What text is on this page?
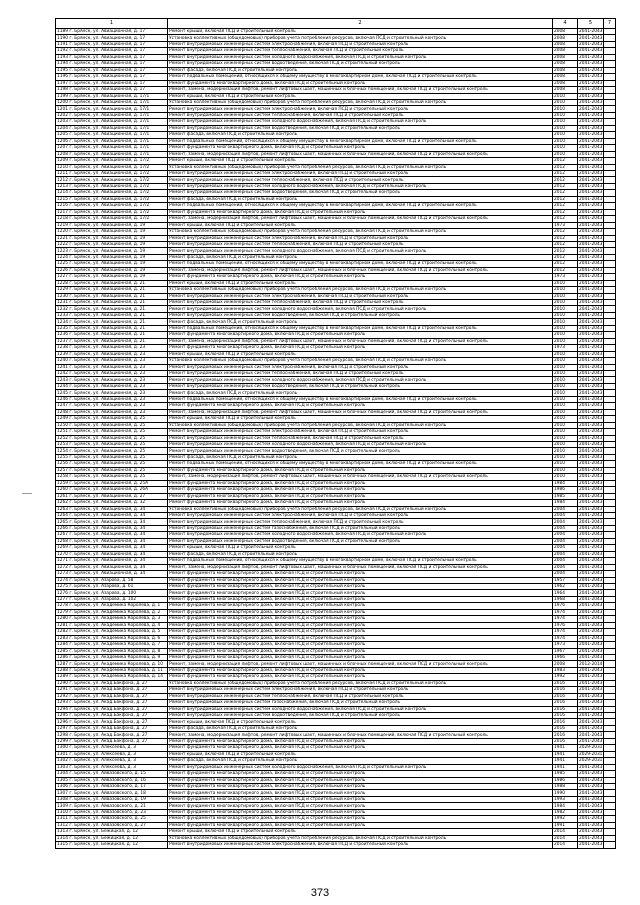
1	2	4	5	7
1189 г. Брянск, ул. Авиационная, д. 17	Ремонт крыши, включая ПСД и строительный контроль	2008	2041-2043	
1190 г. Брянск, ул. Авиационная, д. 17	Установка коллективных (общедомовых) приборов учета потребления ресурсов, включая ПСД и строительный контроль	2008	2041-2043	
1191 г. Брянск, ул. Авиационная, д. 17	Ремонт внутридомовых инженерных систем электроснабжения, включая ПСД и строительный контроль	2008	2041-2043	
1192 г. Брянск, ул. Авиационная, д. 17	Ремонт внутридомовых инженерных систем теплоснабжения, включая ПСД и строительный контроль	2008	2041-2043	
1193 г. Брянск, ул. Авиационная, д. 17	Ремонт внутридомовых инженерных систем холодного водоснабжения, включая ПСД и строительный контроль	2008	2041-2043	
1194 г. Брянск, ул. Авиационная, д. 17	Ремонт внутридомовых инженерных систем водоотведения, включая ПСД и строительный контроль	2008	2041-2043	
1195 г. Брянск, ул. Авиационная, д. 17	Ремонт фасада, включая ПСД и строительный контроль	2008	2041-2043	
1196 г. Брянск, ул. Авиационная, д. 17	Ремонт подвальных помещений, относящихся к общему имуществу в многоквартирном доме, включая ПСД и строительный контроль	2008	2041-2043	
1197 г. Брянск, ул. Авиационная, д. 17	Ремонт фундамента многоквартирного дома, включая ПСД и строительный контроль	2008	2041-2043	
1198 г. Брянск, ул. Авиационная, д. 17	Ремонт, замена, модернизация лифтов, ремонт лифтовых шахт, машинных и блочных помещений, включая ПСД и строительный контроль	2008	2041-2043	
1199 г. Брянск, ул. Авиационная, д. 17/1	Ремонт крыши, включая ПСД и строительный контроль	2010	2041-2043	
1200 г. Брянск, ул. Авиационная, д. 17/1	Установка коллективных (общедомовых) приборов учета потребления ресурсов, включая ПСД и строительный контроль	2010	2041-2043	
1201 г. Брянск, ул. Авиационная, д. 17/1	Ремонт внутридомовых инженерных систем электроснабжения, включая ПСД и строительный контроль	2010	2041-2043	
1202 г. Брянск, ул. Авиационная, д. 17/1	Ремонт внутридомовых инженерных систем теплоснабжения, включая ПСД и строительный контроль	2010	2041-2043	
1203 г. Брянск, ул. Авиационная, д. 17/1	Ремонт внутридомовых инженерных систем холодного водоснабжения, включая ПСД и строительный контроль	2010	2041-2043	
1204 г. Брянск, ул. Авиационная, д. 17/1	Ремонт внутридомовых инженерных систем водоотведения, включая ПСД и строительный контроль	2010	2041-2043	
1205 г. Брянск, ул. Авиационная, д. 17/1	Ремонт фасада, включая ПСД и строительный контроль	2010	2041-2043	
1206 г. Брянск, ул. Авиационная, д. 17/1	Ремонт подвальных помещений, относящихся к общему имуществу в многоквартирном доме, включая ПСД и строительный контроль	2010	2041-2043	
1207 г. Брянск, ул. Авиационная, д. 17/1	Ремонт фундамента многоквартирного дома, включая ПСД и строительный контроль	2010	2041-2043	
1208 г. Брянск, ул. Авиационная, д. 17/1	Ремонт, замена, модернизация лифтов, ремонт лифтовых шахт, машинных и блочных помещений, включая ПСД и строительный контроль	2010	2041-2043	
1209 г. Брянск, ул. Авиационная, д. 17/2	Ремонт крыши, включая ПСД и строительный контроль	2012	2041-2043	
1210 г. Брянск, ул. Авиационная, д. 17/2	Установка коллективных (общедомовых) приборов учета потребления ресурсов, включая ПСД и строительный контроль	2012	2041-2043	
1211 г. Брянск, ул. Авиационная, д. 17/2	Ремонт внутридомовых инженерных систем электроснабжения, включая ПСД и строительный контроль	2012	2041-2043	
1212 г. Брянск, ул. Авиационная, д. 17/2	Ремонт внутридомовых инженерных систем теплоснабжения, включая ПСД и строительный контроль	2012	2041-2043	
1213 г. Брянск, ул. Авиационная, д. 17/2	Ремонт внутридомовых инженерных систем холодного водоснабжения, включая ПСД и строительный контроль	2012	2041-2043	
1214 г. Брянск, ул. Авиационная, д. 17/2	Ремонт внутридомовых инженерных систем водоотведения, включая ПСД и строительный контроль	2012	2041-2043	
1215 г. Брянск, ул. Авиационная, д. 17/2	Ремонт фасада, включая ПСД и строительный контроль	2012	2041-2043	
1216 г. Брянск, ул. Авиационная, д. 17/2	Ремонт подвальных помещений, относящихся к общему имуществу в многоквартирном доме, включая ПСД и строительный контроль	2012	2041-2043	
1217 г. Брянск, ул. Авиационная, д. 17/2	Ремонт фундамента многоквартирного дома, включая ПСД и строительный контроль	2012	2041-2043	
1218 г. Брянск, ул. Авиационная, д. 17/2	Ремонт, замена, модернизация лифтов, ремонт лифтовых шахт, машинных и блочных помещений, включая ПСД и строительный контроль	2012	2041-2043	
1219 г. Брянск, ул. Авиационная, д. 19	Ремонт крыши, включая ПСД и строительный контроль	1973	2041-2043	
1220 г. Брянск, ул. Авиационная, д. 19	Установка коллективных (общедомовых) приборов учета потребления ресурсов, включая ПСД и строительный контроль	2012	2041-2043	
1221 г. Брянск, ул. Авиационная, д. 19	Ремонт внутридомовых инженерных систем электроснабжения, включая ПСД и строительный контроль	2012	2041-2043	
1222 г. Брянск, ул. Авиационная, д. 19	Ремонт внутридомовых инженерных систем теплоснабжения, включая ПСД и строительный контроль	2012	2041-2043	
1223 г. Брянск, ул. Авиационная, д. 19	Ремонт внутридомовых инженерных систем холодного водоснабжения, включая ПСД и строительный контроль	2012	2041-2043	
1224 г. Брянск, ул. Авиационная, д. 19	Ремонт фасада, включая ПСД и строительный контроль	2012	2041-2043	
1225 г. Брянск, ул. Авиационная, д. 19	Ремонт подвальных помещений, относящихся к общему имуществу в многоквартирном доме, включая ПСД и строительный контроль	2012	2041-2043	
1226 г. Брянск, ул. Авиационная, д. 19	Ремонт, замена, модернизация лифтов, ремонт лифтовых шахт, машинных и блочных помещений, включая ПСД и строительный контроль	2012	2041-2043	
1227 г. Брянск, ул. Авиационная, д. 19	Ремонт фундамента многоквартирного дома, включая ПСД и строительный контроль	1973	2041-2043	
1228 г. Брянск, ул. Авиационная, д. 21	Ремонт крыши, включая ПСД и строительный контроль	2010	2041-2043	
1229 г. Брянск, ул. Авиационная, д. 21	Установка коллективных (общедомовых) приборов учета потребления ресурсов, включая ПСД и строительный контроль	2010	2041-2043	
1230 г. Брянск, ул. Авиационная, д. 21	Ремонт внутридомовых инженерных систем электроснабжения, включая ПСД и строительный контроль	2010	2041-2043	
1231 г. Брянск, ул. Авиационная, д. 21	Ремонт внутридомовых инженерных систем теплоснабжения, включая ПСД и строительный контроль	2010	2041-2043	
1232 г. Брянск, ул. Авиационная, д. 21	Ремонт внутридомовых инженерных систем холодного водоснабжения, включая ПСД и строительный контроль	2010	2041-2043	
1233 г. Брянск, ул. Авиационная, д. 21	Ремонт внутридомовых инженерных систем водоотведения, включая ПСД и строительный контроль	2010	2041-2043	
1234 г. Брянск, ул. Авиационная, д. 21	Ремонт фасада, включая ПСД и строительный контроль	2010	2041-2043	
1235 г. Брянск, ул. Авиационная, д. 21	Ремонт подвальных помещений, относящихся к общему имуществу в многоквартирном доме, включая ПСД и строительный контроль	2010	2041-2043	
1236 г. Брянск, ул. Авиационная, д. 21	Ремонт фундамента многоквартирного дома, включая ПСД и строительный контроль	2010	2041-2043	
1237 г. Брянск, ул. Авиационная, д. 21	Ремонт, замена, модернизация лифтов, ремонт лифтовых шахт, машинных и блочных помещений, включая ПСД и строительный контроль	2010	2041-2043	
1238 г. Брянск, ул. Авиационная, д. 23	Ремонт фундамента многоквартирного дома, включая ПСД и строительный контроль	1973	2041-2043	
1239 г. Брянск, ул. Авиационная, д. 23	Ремонт крыши, включая ПСД и строительный контроль	2010	2041-2043	
1240 г. Брянск, ул. Авиационная, д. 23	Установка коллективных (общедомовых) приборов учета потребления ресурсов, включая ПСД и строительный контроль	2010	2041-2043	
1241 г. Брянск, ул. Авиационная, д. 23	Ремонт внутридомовых инженерных систем электроснабжения, включая ПСД и строительный контроль	2010	2041-2043	
1242 г. Брянск, ул. Авиационная, д. 23	Ремонт внутридомовых инженерных систем теплоснабжения, включая ПСД и строительный контроль	2010	2041-2043	
1243 г. Брянск, ул. Авиационная, д. 23	Ремонт внутридомовых инженерных систем холодного водоснабжения, включая ПСД и строительный контроль	2010	2041-2043	
1244 г. Брянск, ул. Авиационная, д. 23	Ремонт внутридомовых инженерных систем водоотведения, включая ПСД и строительный контроль	2010	2041-2043	
1245 г. Брянск, ул. Авиационная, д. 23	Ремонт фасада, включая ПСД и строительный контроль	2010	2041-2043	
1246 г. Брянск, ул. Авиационная, д. 23	Ремонт подвальных помещений, относящихся к общему имуществу в многоквартирном доме, включая ПСД и строительный контроль	2010	2041-2043	
1247 г. Брянск, ул. Авиационная, д. 23	Ремонт фундамента многоквартирного дома, включая ПСД и строительный контроль	2010	2041-2043	
1248 г. Брянск, ул. Авиационная, д. 23	Ремонт, замена, модернизация лифтов, ремонт лифтовых шахт, машинных и блочных помещений, включая ПСД и строительный контроль	2010	2041-2043	
1249 г. Брянск, ул. Авиационная, д. 25	Ремонт крыши, включая ПСД и строительный контроль	2010	2041-2043	
1250 г. Брянск, ул. Авиационная, д. 25	Установка коллективных (общедомовых) приборов учета потребления ресурсов, включая ПСД и строительный контроль	2010	2041-2043	
1251 г. Брянск, ул. Авиационная, д. 25	Ремонт внутридомовых инженерных систем электроснабжения, включая ПСД и строительный контроль	2010	2041-2043	
1252 г. Брянск, ул. Авиационная, д. 25	Ремонт внутридомовых инженерных систем теплоснабжения, включая ПСД и строительный контроль	2010	2041-2043	
1253 г. Брянск, ул. Авиационная, д. 25	Ремонт внутридомовых инженерных систем холодного водоснабжения, включая ПСД и строительный контроль	2010	2041-2043	
1254 г. Брянск, ул. Авиационная, д. 25	Ремонт внутридомовых инженерных систем водоотведения, включая ПСД и строительный контроль	2010	2041-2043	
1255 г. Брянск, ул. Авиационная, д. 25	Ремонт фасада, включая ПСД и строительный контроль	2010	2041-2043	
1256 г. Брянск, ул. Авиационная, д. 25	Ремонт подвальных помещений, относящихся к общему имуществу в многоквартирном доме, включая ПСД и строительный контроль	2010	2041-2043	
1257 г. Брянск, ул. Авиационная, д. 25	Ремонт фундамента многоквартирного дома, включая ПСД и строительный контроль	2010	2041-2043	
1258 г. Брянск, ул. Авиационная, д. 25	Ремонт, замена, модернизация лифтов, ремонт лифтовых шахт, машинных и блочных помещений, включая ПСД и строительный контроль	2010	2041-2043	
1259 г. Брянск, ул. Авиационная, д. 25А	Ремонт фундамента многоквартирного дома, включая ПСД и строительный контроль	1984	2041-2043	
1260 г. Брянск, ул. Авиационная, д. 26А	Ремонт фундамента многоквартирного дома, включая ПСД и строительный контроль	1986	2041-2043	
1261 г. Брянск, ул. Авиационная, д. 27	Ремонт фундамента многоквартирного дома, включая ПСД и строительный контроль	1985	2041-2043	
1262 г. Брянск, ул. Авиационная, д. 32	Ремонт фундамента многоквартирного дома, включая ПСД и строительный контроль	1984	2041-2043	
1263 г. Брянск, ул. Авиационная, д. 34	Установка коллективных (общедомовых) приборов учета потребления ресурсов, включая ПСД и строительный контроль	2004	2041-2043	
1264 г. Брянск, ул. Авиационная, д. 34	Ремонт внутридомовых инженерных систем электроснабжения, включая ПСД и строительный контроль	2004	2041-2043	
1265 г. Брянск, ул. Авиационная, д. 34	Ремонт внутридомовых инженерных систем теплоснабжения, включая ПСД и строительный контроль	2004	2041-2043	
1266 г. Брянск, ул. Авиационная, д. 34	Ремонт внутридомовых инженерных систем газоснабжения, включая ПСД и строительный контроль	2004	2041-2043	
1267 г. Брянск, ул. Авиационная, д. 34	Ремонт внутридомовых инженерных систем холодного водоснабжения, включая ПСД и строительный контроль	2004	2041-2043	
1268 г. Брянск, ул. Авиационная, д. 34	Ремонт внутридомовых инженерных систем водоотведения, включая ПСД и строительный контроль	2004	2041-2043	
1269 г. Брянск, ул. Авиационная, д. 34	Ремонт крыши, включая ПСД и строительный контроль	2004	2041-2043	
1270 г. Брянск, ул. Авиационная, д. 34	Ремонт фасада, включая ПСД и строительный контроль	2004	2041-2043	
1271 г. Брянск, ул. Авиационная, д. 34	Ремонт подвальных помещений, относящихся к общему имуществу в многоквартирном доме, включая ПСД и строительный контроль	2004	2041-2043	
1272 г. Брянск, ул. Авиационная, д. 34	Ремонт, замена, модернизация лифтов, ремонт лифтовых шахт, машинных и блочных помещений, включая ПСД и строительный контроль	2004	2041-2043	
1273 г. Брянск, ул. Авиационная, д. 34	Ремонт фундамента многоквартирного дома, включая ПСД и строительный контроль	2004	2041-2043	
1274 г. Брянск, ул. Азарова, д. 58	Ремонт фундамента многоквартирного дома, включая ПСД и строительный контроль	1957	2041-2043	
1275 г. Брянск, ул. Азарова, д. 61	Ремонт фундамента многоквартирного дома, включая ПСД и строительный контроль	1962	2041-2043	
1276 г. Брянск, ул. Азарова, д. 100	Ремонт фундамента многоквартирного дома, включая ПСД и строительный контроль	1964	2041-2043	
1277 г. Брянск, ул. Азарова, д. 102	Ремонт фундамента многоквартирного дома, включая ПСД и строительный контроль	1968	2041-2043	
1278 г. Брянск, ул. Академика Королева, д. 1	Ремонт фундамента многоквартирного дома, включая ПСД и строительный контроль	1976	2041-2043	
1279 г. Брянск, ул. Академика Королева, д. 2	Ремонт фундамента многоквартирного дома, включая ПСД и строительный контроль	1974	2041-2043	
1280 г. Брянск, ул. Академика Королева, д. 3	Ремонт фундамента многоквартирного дома, включая ПСД и строительный контроль	1974	2041-2043	
1281 г. Брянск, ул. Академика Королева, д. 4	Ремонт фундамента многоквартирного дома, включая ПСД и строительный контроль	1976	2041-2043	
1282 г. Брянск, ул. Академика Королева, д. 5	Ремонт фундамента многоквартирного дома, включая ПСД и строительный контроль	1974	2041-2043	
1283 г. Брянск, ул. Академика Королева, д. 6	Ремонт фундамента многоквартирного дома, включая ПСД и строительный контроль	1974	2041-2043	
1284 г. Брянск, ул. Академика Королева, д. 7	Ремонт фундамента многоквартирного дома, включая ПСД и строительный контроль	1973	2041-2043	
1285 г. Брянск, ул. Академика Королева, д. 8	Ремонт фундамента многоквартирного дома, включая ПСД и строительный контроль	1967	2041-2043	
1286 г. Брянск, ул. Академика Королева, д. 9	Ремонт фундамента многоквартирного дома, включая ПСД и строительный контроль	1966	2041-2043	
1287 г. Брянск, ул. Академика Королева, д. 10	Ремонт, замена, модернизация лифтов, ремонт лифтовых шахт, машинных и блочных помещений, включая ПСД и строительный контроль	2008	2012-2014	
1288 г. Брянск, ул. Академика Королева, д. 11	Ремонт фундамента многоквартирного дома, включая ПСД и строительный контроль	1983	2041-2043	
1289 г. Брянск, ул. Академика Королева, д. 14	Ремонт фундамента многоквартирного дома, включая ПСД и строительный контроль	1992	2041-2043	
1290 г. Брянск, ул. Акад.Бакфона, д. 27	Установка коллективных (общедомовых) приборов учета потребления ресурсов, включая ПСД и строительный контроль	2016	2041-2043	
1291 г. Брянск, ул. Акад.Бакфона, д. 27	Ремонт внутридомовых инженерных систем электроснабжения, включая ПСД и строительный контроль	2016	2041-2043	
1292 г. Брянск, ул. Акад.Бакфона, д. 27	Ремонт внутридомовых инженерных систем теплоснабжения, включая ПСД и строительный контроль	2016	2041-2043	
1293 г. Брянск, ул. Акад.Бакфона, д. 27	Ремонт внутридомовых инженерных систем газоснабжения, включая ПСД и строительный контроль	2016	2041-2043	
1294 г. Брянск, ул. Акад.Бакфона, д. 27	Ремонт внутридомовых инженерных систем холодного водоснабжения, включая ПСД и строительный контроль	2016	2041-2043	
1295 г. Брянск, ул. Акад.Бакфона, д. 27	Ремонт внутридомовых инженерных систем водоотведения, включая ПСД и строительный контроль	2016	2041-2043	
1296 г. Брянск, ул. Акад.Бакфона, д. 27	Ремонт крыши, включая ПСД и строительный контроль	2016	2041-2043	
1297 г. Брянск, ул. Акад.Бакфона, д. 27	Ремонт фасада, включая ПСД и строительный контроль	2016	2041-2043	
1298 г. Брянск, ул. Акад.Бакфона, д. 27	Ремонт, замена, модернизация лифтов, ремонт лифтовых шахт, машинных и блочных помещений, включая ПСД и строительный контроль	2016	2041-2043	
1299 г. Брянск, ул. Акад.Бакфона, д. 27	Ремонт фундамента многоквартирного дома, включая ПСД и строительный контроль	2016	2041-2043	
1300 г. Брянск, ул. Алексеева, д. 3	Ремонт фундамента многоквартирного дома, включая ПСД и строительный контроль	1941	2029-2031	
1301 г. Брянск, ул. Алексеева, д. 3	Ремонт крыши, включая ПСД и строительный контроль	1941	2029-2031	
1302 г. Брянск, ул. Алексеева, д. 3	Ремонт фасада, включая ПСД и строительный контроль	1941	2029-2031	
1303 г. Брянск, ул. Алексеева, д. 3	Ремонт внутридомовых инженерных систем холодного водоснабжения, включая ПСД и строительный контроль	1941	2041-2043	
1304 г. Брянск, ул. Айвазовского, д. 15	Ремонт фундамента многоквартирного дома, включая ПСД и строительный контроль	1985	2041-2043	
1305 г. Брянск, ул. Айвазовского, д. 16	Ремонт фундамента многоквартирного дома, включая ПСД и строительный контроль	1986	2041-2043	
1306 г. Брянск, ул. Айвазовского, д. 17	Ремонт фундамента многоквартирного дома, включая ПСД и строительный контроль	1988	2041-2043	
1307 г. Брянск, ул. Айвазовского, д. 18	Ремонт фундамента многоквартирного дома, включая ПСД и строительный контроль	1990	2041-2043	
1308 г. Брянск, ул. Айвазовского, д. 19	Ремонт фундамента многоквартирного дома, включая ПСД и строительный контроль	1993	2041-2043	
1309 г. Брянск, ул. Айвазовского, д. 21	Ремонт фундамента многоквартирного дома, включая ПСД и строительный контроль	1984	2041-2043	
1310 г. Брянск, ул. Айвазовского, д. 23	Ремонт фундамента многоквартирного дома, включая ПСД и строительный контроль	1982	2041-2043	
1311 г. Брянск, ул. Айвазовского, д. 25	Ремонт фундамента многоквартирного дома, включая ПСД и строительный контроль	1992	2041-2043	
1312 г. Брянск, ул. Айвазовского, д. 27	Ремонт фундамента многоквартирного дома, включая ПСД и строительный контроль	1991	2041-2043	
1313 г. Брянск, ул. Бежицкая, д. 12	Ремонт крыши, включая ПСД и строительный контроль	2014	2041-2043	
1314 г. Брянск, ул. Бежицкая, д. 12	Установка коллективных (общедомовых) приборов учета потребления ресурсов, включая ПСД и строительный контроль	2014	2041-2043	
1315 г. Брянск, ул. Бежицкая, д. 12	Ремонт внутридомовых инженерных систем электроснабжения, включая ПСД и строительный контроль	2014	2041-2043	
373
